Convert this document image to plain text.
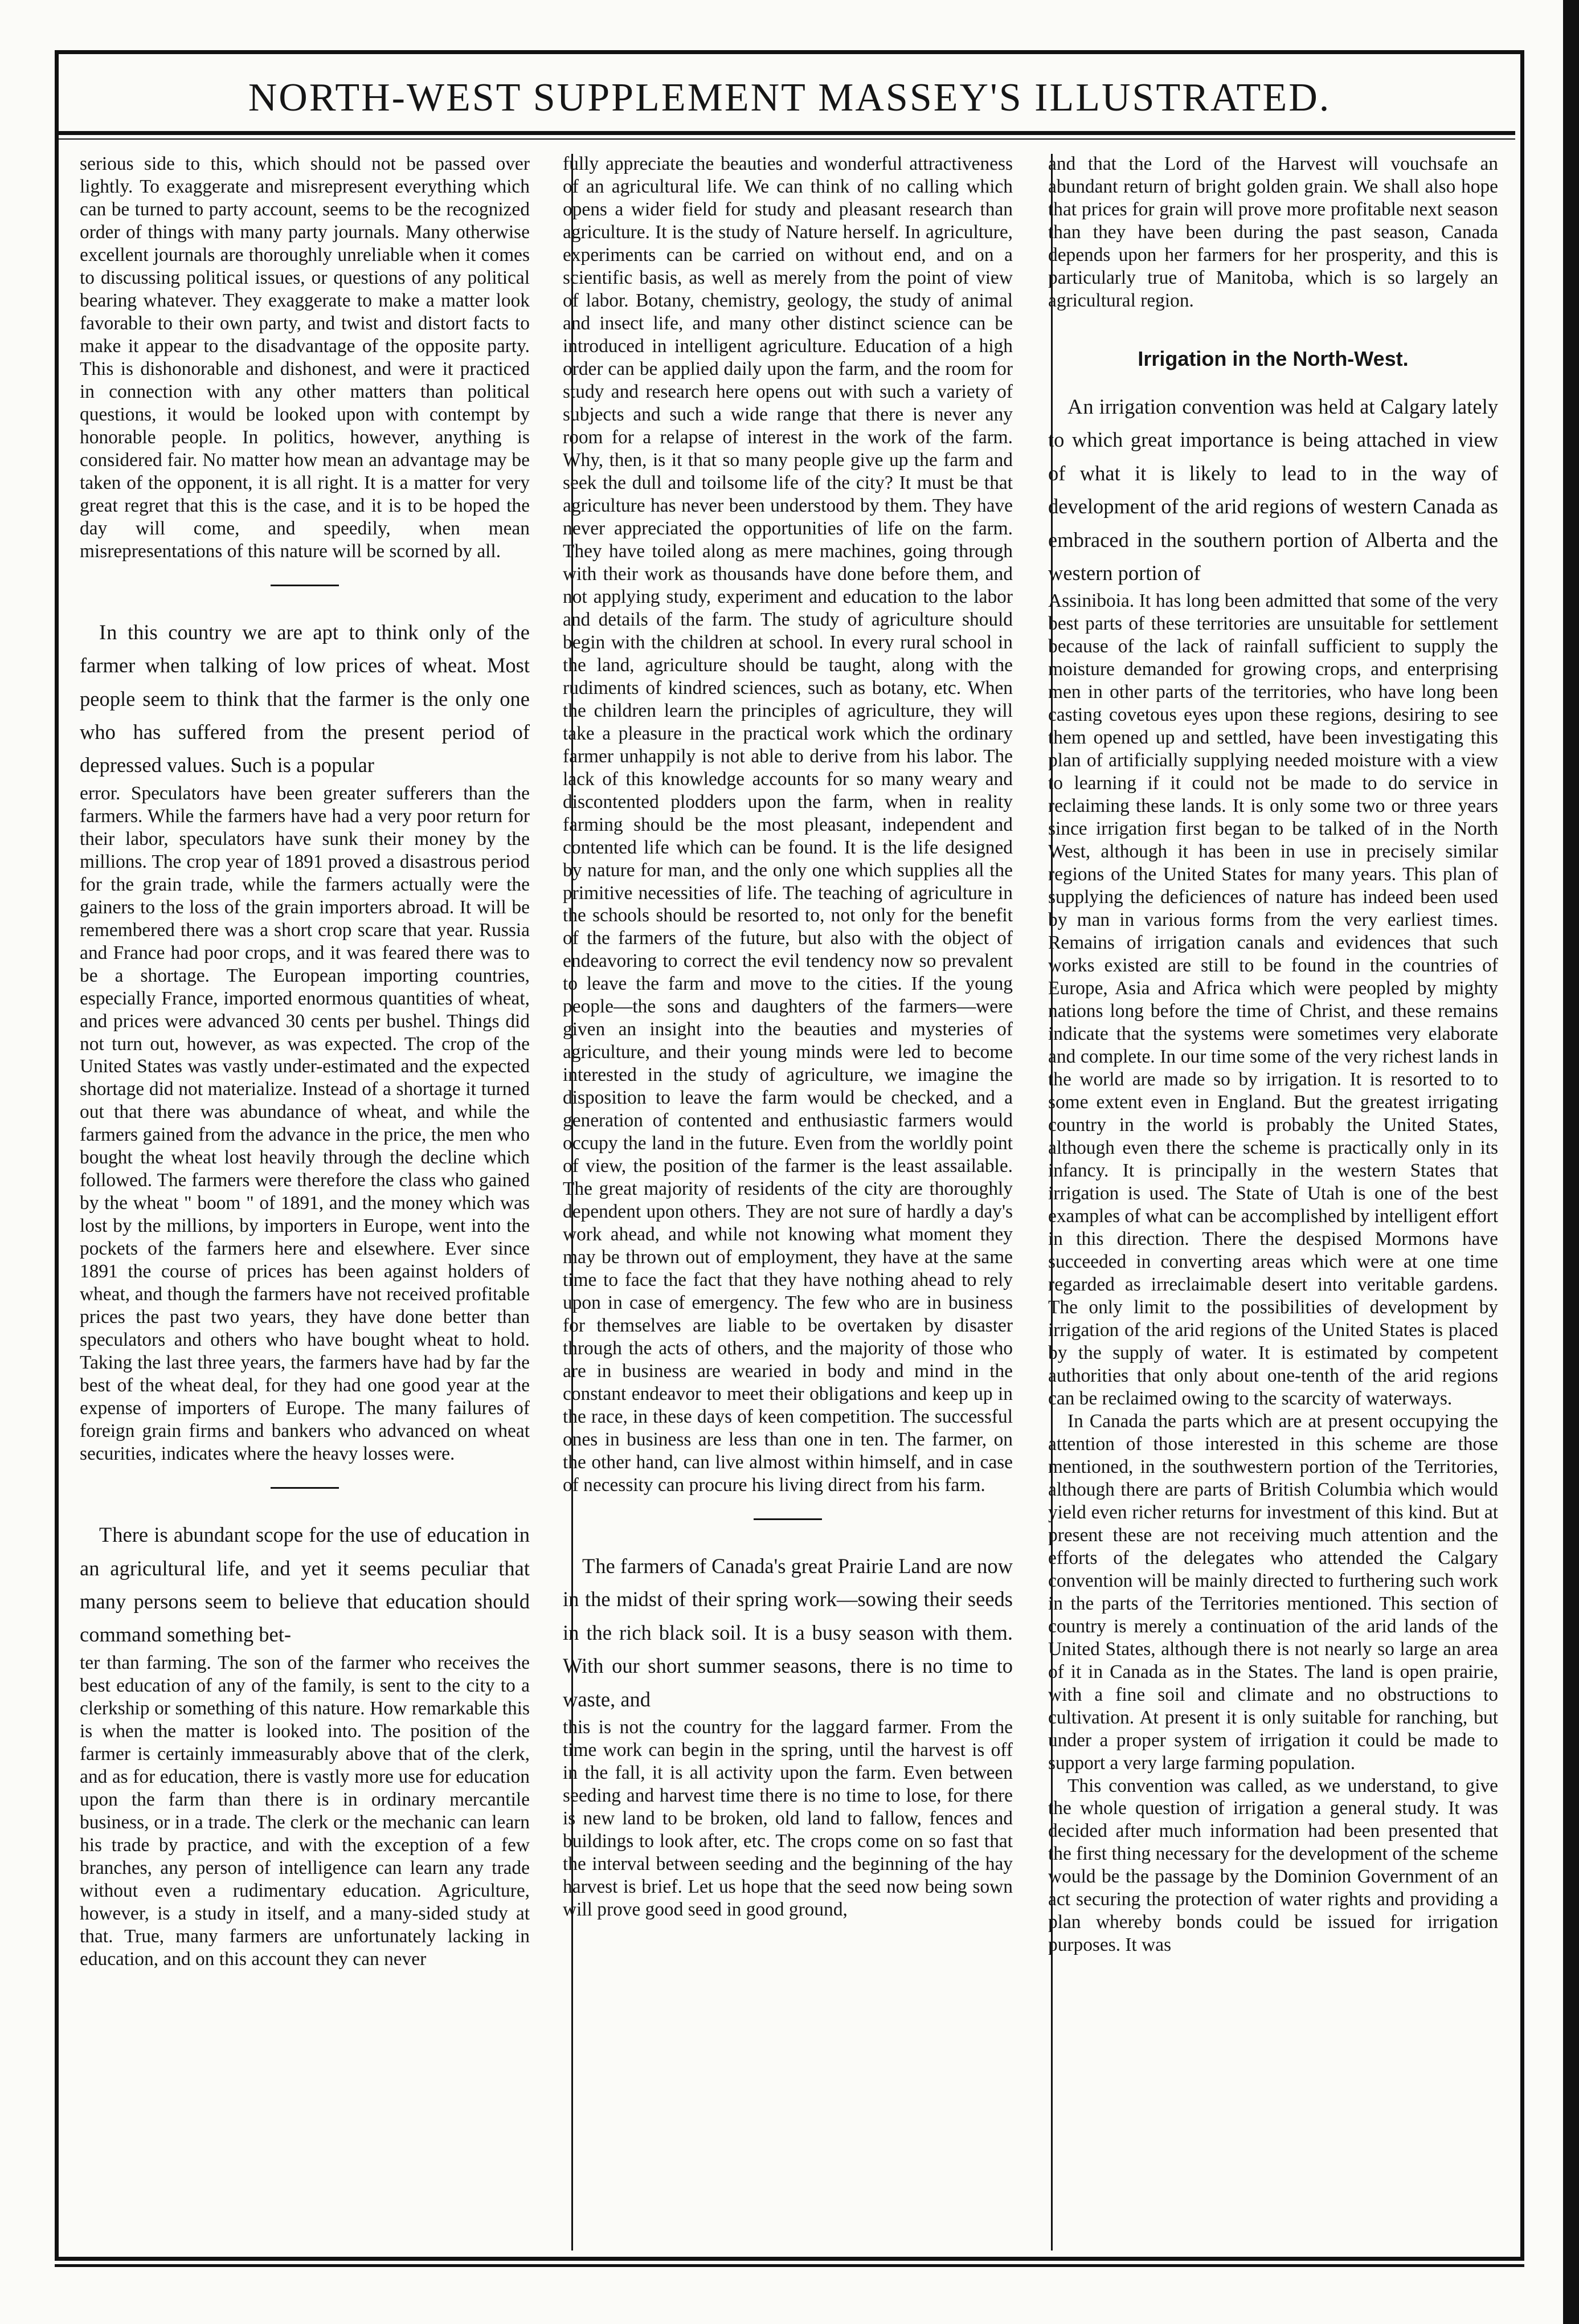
NORTH-WEST SUPPLEMENT MASSEY'S ILLUSTRATED.

serious side to this, which should not be passed over lightly. To exaggerate and misrepresent everything which can be turned to party account, seems to be the recognized order of things with many party journals. Many otherwise excellent journals are thoroughly unreliable when it comes to discussing political issues, or questions of any political bearing whatever. They exaggerate to make a matter look favorable to their own party, and twist and distort facts to make it appear to the disadvantage of the opposite party. This is dishonorable and dishonest, and were it practiced in connection with any other matters than political questions, it would be looked upon with contempt by honorable people. In politics, however, anything is considered fair. No matter how mean an advantage may be taken of the opponent, it is all right. It is a matter for very great regret that this is the case, and it is to be hoped the day will come, and speedily, when mean misrepresentations of this nature will be scorned by all.

In this country we are apt to think only of the farmer when talking of low prices of wheat. Most people seem to think that the farmer is the only one who has suffered from the present period of depressed values. Such is a popular

error. Speculators have been greater sufferers than the farmers. While the farmers have had a very poor return for their labor, speculators have sunk their money by the millions. The crop year of 1891 proved a disastrous period for the grain trade, while the farmers actually were the gainers to the loss of the grain importers abroad. It will be remembered there was a short crop scare that year. Russia and France had poor crops, and it was feared there was to be a shortage. The European importing countries, especially France, imported enormous quantities of wheat, and prices were advanced 30 cents per bushel. Things did not turn out, however, as was expected. The crop of the United States was vastly under-estimated and the expected shortage did not materialize. Instead of a shortage it turned out that there was abundance of wheat, and while the farmers gained from the advance in the price, the men who bought the wheat lost heavily through the decline which followed. The farmers were therefore the class who gained by the wheat " boom " of 1891, and the money which was lost by the millions, by importers in Europe, went into the pockets of the farmers here and elsewhere. Ever since 1891 the course of prices has been against holders of wheat, and though the farmers have not received profitable prices the past two years, they have done better than speculators and others who have bought wheat to hold. Taking the last three years, the farmers have had by far the best of the wheat deal, for they had one good year at the expense of importers of Europe. The many failures of foreign grain firms and bankers who advanced on wheat securities, indicates where the heavy losses were.

There is abundant scope for the use of education in an agricultural life, and yet it seems peculiar that many persons seem to believe that education should command something bet-

ter than farming. The son of the farmer who receives the best education of any of the family, is sent to the city to a clerkship or something of this nature. How remarkable this is when the matter is looked into. The position of the farmer is certainly immeasurably above that of the clerk, and as for education, there is vastly more use for education upon the farm than there is in ordinary mercantile business, or in a trade. The clerk or the mechanic can learn his trade by practice, and with the exception of a few branches, any person of intelligence can learn any trade without even a rudimentary education. Agriculture, however, is a study in itself, and a many-sided study at that. True, many farmers are unfortunately lacking in education, and on this account they can never

fully appreciate the beauties and wonderful attractiveness of an agricultural life. We can think of no calling which opens a wider field for study and pleasant research than agriculture. It is the study of Nature herself. In agriculture, experiments can be carried on without end, and on a scientific basis, as well as merely from the point of view of labor. Botany, chemistry, geology, the study of animal and insect life, and many other distinct science can be introduced in intelligent agriculture. Education of a high order can be applied daily upon the farm, and the room for study and research here opens out with such a variety of subjects and such a wide range that there is never any room for a relapse of interest in the work of the farm. Why, then, is it that so many people give up the farm and seek the dull and toilsome life of the city? It must be that agriculture has never been understood by them. They have never appreciated the opportunities of life on the farm. They have toiled along as mere machines, going through with their work as thousands have done before them, and not applying study, experiment and education to the labor and details of the farm. The study of agriculture should begin with the children at school. In every rural school in the land, agriculture should be taught, along with the rudiments of kindred sciences, such as botany, etc. When the children learn the principles of agriculture, they will take a pleasure in the practical work which the ordinary farmer unhappily is not able to derive from his labor. The lack of this knowledge accounts for so many weary and discontented plodders upon the farm, when in reality farming should be the most pleasant, independent and contented life which can be found. It is the life designed by nature for man, and the only one which supplies all the primitive necessities of life. The teaching of agriculture in the schools should be resorted to, not only for the benefit of the farmers of the future, but also with the object of endeavoring to correct the evil tendency now so prevalent to leave the farm and move to the cities. If the young people—the sons and daughters of the farmers—were given an insight into the beauties and mysteries of agriculture, and their young minds were led to become interested in the study of agriculture, we imagine the disposition to leave the farm would be checked, and a generation of contented and enthusiastic farmers would occupy the land in the future. Even from the worldly point of view, the position of the farmer is the least assailable. The great majority of residents of the city are thoroughly dependent upon others. They are not sure of hardly a day's work ahead, and while not knowing what moment they may be thrown out of employment, they have at the same time to face the fact that they have nothing ahead to rely upon in case of emergency. The few who are in business for themselves are liable to be overtaken by disaster through the acts of others, and the majority of those who are in business are wearied in body and mind in the constant endeavor to meet their obligations and keep up in the race, in these days of keen competition. The successful ones in business are less than one in ten. The farmer, on the other hand, can live almost within himself, and in case of necessity can procure his living direct from his farm.

The farmers of Canada's great Prairie Land are now in the midst of their spring work—sowing their seeds in the rich black soil. It is a busy season with them. With our short summer seasons, there is no time to waste, and

this is not the country for the laggard farmer. From the time work can begin in the spring, until the harvest is off in the fall, it is all activity upon the farm. Even between seeding and harvest time there is no time to lose, for there is new land to be broken, old land to fallow, fences and buildings to look after, etc. The crops come on so fast that the interval between seeding and the beginning of the hay harvest is brief. Let us hope that the seed now being sown will prove good seed in good ground,

and that the Lord of the Harvest will vouchsafe an abundant return of bright golden grain. We shall also hope that prices for grain will prove more profitable next season than they have been during the past season, Canada depends upon her farmers for her prosperity, and this is particularly true of Manitoba, which is so largely an agricultural region.

Irrigation in the North-West.

An irrigation convention was held at Calgary lately to which great importance is being attached in view of what it is likely to lead to in the way of development of the arid regions of western Canada as embraced in the southern portion of Alberta and the western portion of

Assiniboia. It has long been admitted that some of the very best parts of these territories are unsuitable for settlement because of the lack of rainfall sufficient to supply the moisture demanded for growing crops, and enterprising men in other parts of the territories, who have long been casting covetous eyes upon these regions, desiring to see them opened up and settled, have been investigating this plan of artificially supplying needed moisture with a view to learning if it could not be made to do service in reclaiming these lands. It is only some two or three years since irrigation first began to be talked of in the North West, although it has been in use in precisely similar regions of the United States for many years. This plan of supplying the deficiences of nature has indeed been used by man in various forms from the very earliest times. Remains of irrigation canals and evidences that such works existed are still to be found in the countries of Europe, Asia and Africa which were peopled by mighty nations long before the time of Christ, and these remains indicate that the systems were sometimes very elaborate and complete. In our time some of the very richest lands in the world are made so by irrigation. It is resorted to to some extent even in England. But the greatest irrigating country in the world is probably the United States, although even there the scheme is practically only in its infancy. It is principally in the western States that irrigation is used. The State of Utah is one of the best examples of what can be accomplished by intelligent effort in this direction. There the despised Mormons have succeeded in converting areas which were at one time regarded as irreclaimable desert into veritable gardens. The only limit to the possibilities of development by irrigation of the arid regions of the United States is placed by the supply of water. It is estimated by competent authorities that only about one-tenth of the arid regions can be reclaimed owing to the scarcity of waterways.

In Canada the parts which are at present occupying the attention of those interested in this scheme are those mentioned, in the southwestern portion of the Territories, although there are parts of British Columbia which would yield even richer returns for investment of this kind. But at present these are not receiving much attention and the efforts of the delegates who attended the Calgary convention will be mainly directed to furthering such work in the parts of the Territories mentioned. This section of country is merely a continuation of the arid lands of the United States, although there is not nearly so large an area of it in Canada as in the States. The land is open prairie, with a fine soil and climate and no obstructions to cultivation. At present it is only suitable for ranching, but under a proper system of irrigation it could be made to support a very large farming population.

This convention was called, as we understand, to give the whole question of irrigation a general study. It was decided after much information had been presented that the first thing necessary for the development of the scheme would be the passage by the Dominion Government of an act securing the protection of water rights and providing a plan whereby bonds could be issued for irrigation purposes. It was
